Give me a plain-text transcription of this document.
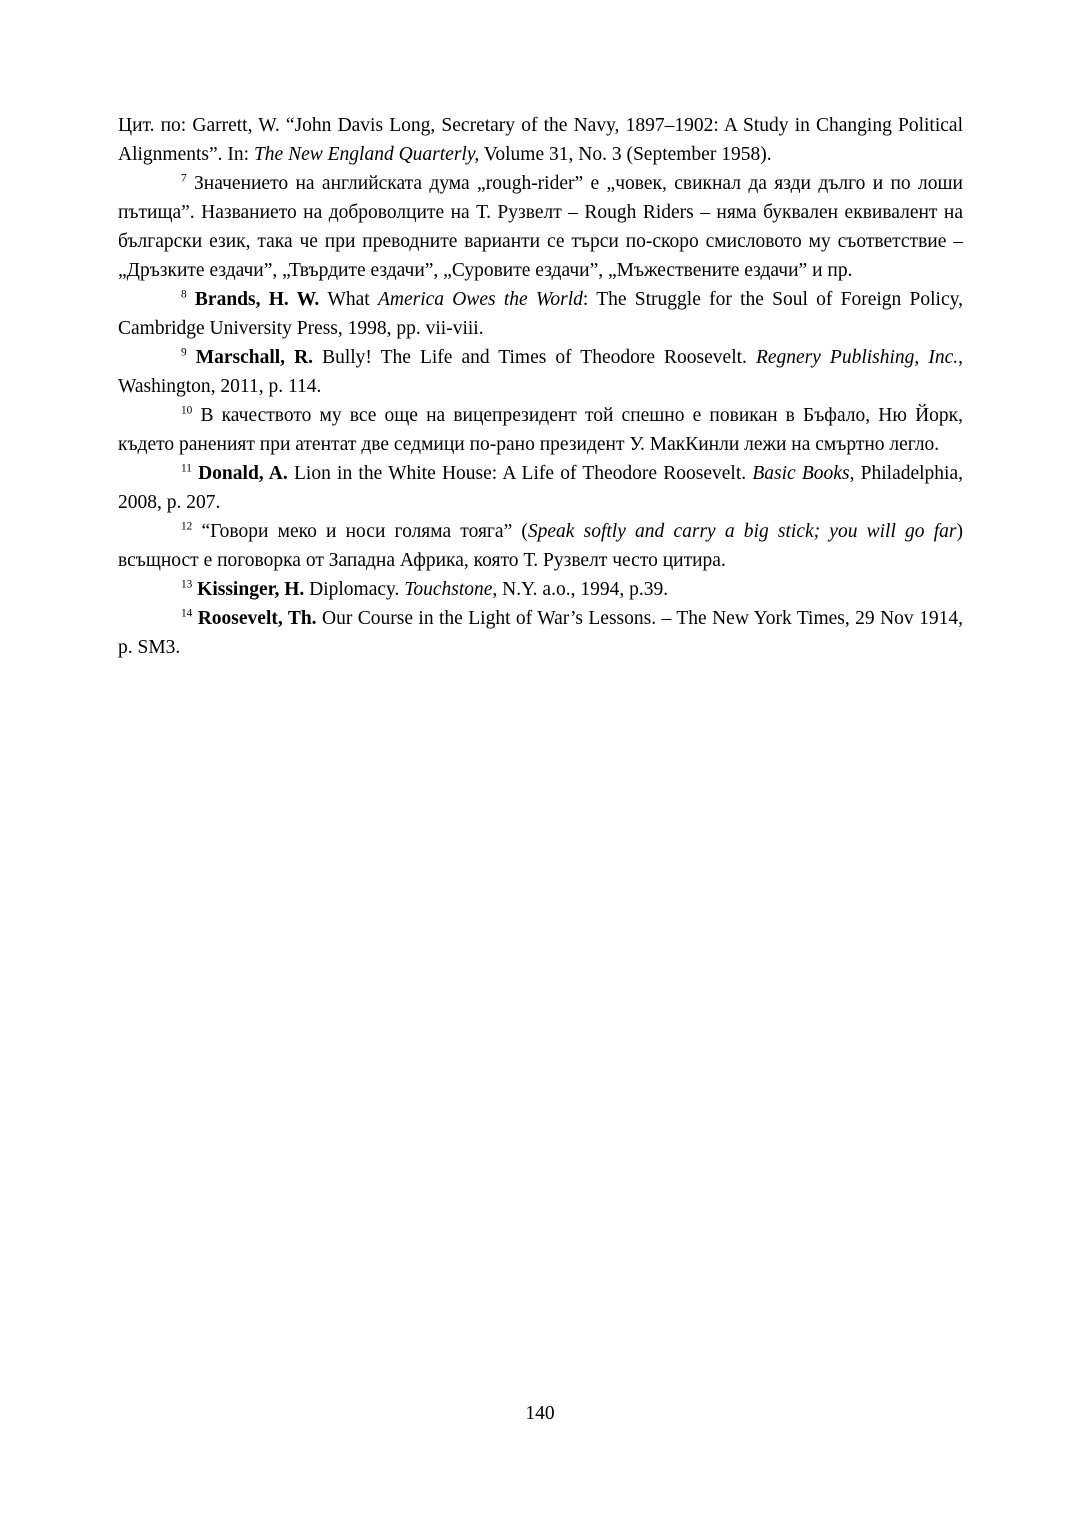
Цит. по: Garrett, W. “John Davis Long, Secretary of the Navy, 1897–1902: A Study in Changing Political Alignments”. In: The New England Quarterly, Volume 31, No. 3 (September 1958).

$^7$ Значението на английската дума „rough-rider” е „човек, свикнал да язди дълго и по лоши пътища”. Названието на доброволците на Т. Рузвелт – Rough Riders – няма буквален еквивалент на български език, така че при преводните варианти се търси по-скоро смисловото му съответствие – „Дръзките ездачи”, „Твърдите ездачи”, „Суровите ездачи”, „Мъжествените ездачи” и пр.

$^8$ Brands, H. W. What America Owes the World: The Struggle for the Soul of Foreign Policy, Cambridge University Press, 1998, pp. vii-viii.

$^9$ Marschall, R. Bully! The Life and Times of Theodore Roosevelt. Regnery Publishing, Inc., Washington, 2011, p. 114.

$^{10}$ В качеството му все още на вицепрезидент той спешно е повикан в Бъфало, Ню Йорк, където раненият при атентат две седмици по-рано президент У. МакКинли лежи на смъртно легло.

$^{11}$ Donald, A. Lion in the White House: A Life of Theodore Roosevelt. Basic Books, Philadelphia, 2008, p. 207.

$^{12}$ “Говори меко и носи голяма тояга” (Speak softly and carry a big stick; you will go far) всъщност е поговорка от Западна Африка, която Т. Рузвелт често цитира.

$^{13}$ Kissinger, H. Diplomacy. Touchstone, N.Y. a.o., 1994, p.39.

$^{14}$ Roosevelt, Th. Our Course in the Light of War’s Lessons. – The New York Times, 29 Nov 1914, p. SM3.

140
